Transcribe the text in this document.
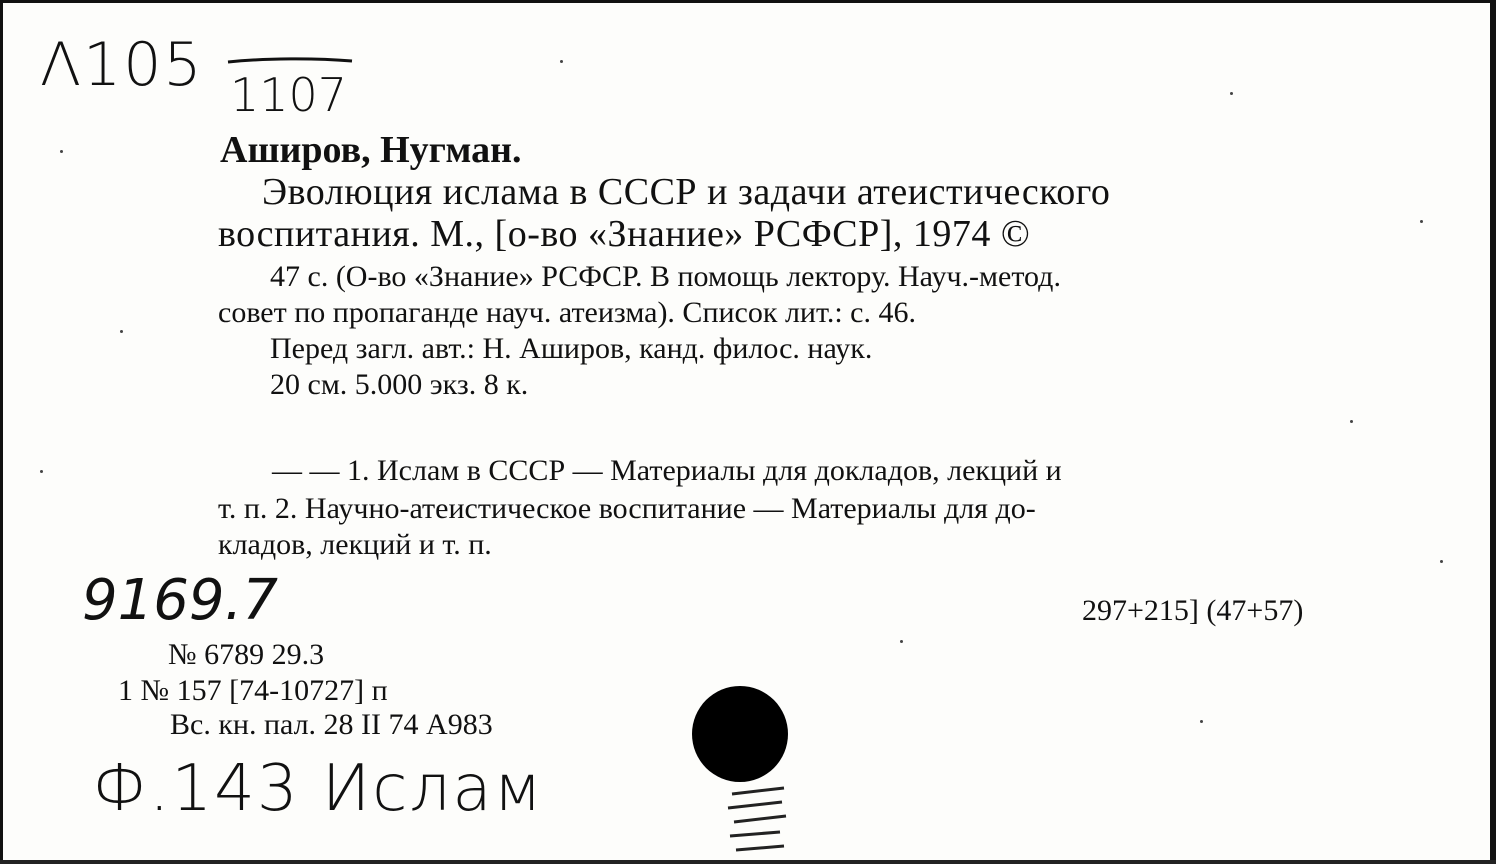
Λ105 1107
Аширов, Нугман.
Эволюция ислама в СССР и задачи атеистического
воспитания. М., [о-во «Знание» РСФСР], 1974 ©
47 с. (О-во «Знание» РСФСР. В помощь лектору. Науч.-метод.
совет по пропаганде науч. атеизма). Список лит.: с. 46.
Перед загл. авт.: Н. Аширов, канд. филос. наук.
20 см. 5.000 экз. 8 к.
— — 1. Ислам в СССР — Материалы для докладов, лекций и
т. п. 2. Научно-атеистическое воспитание — Материалы для до-
кладов, лекций и т. п.
9169.7	297+215] (47+57)
№ 6789 29.3
1 № 157 [74-10727] п
Вс. кн. пал. 28 II 74 А983
Ф.143 Ислам
